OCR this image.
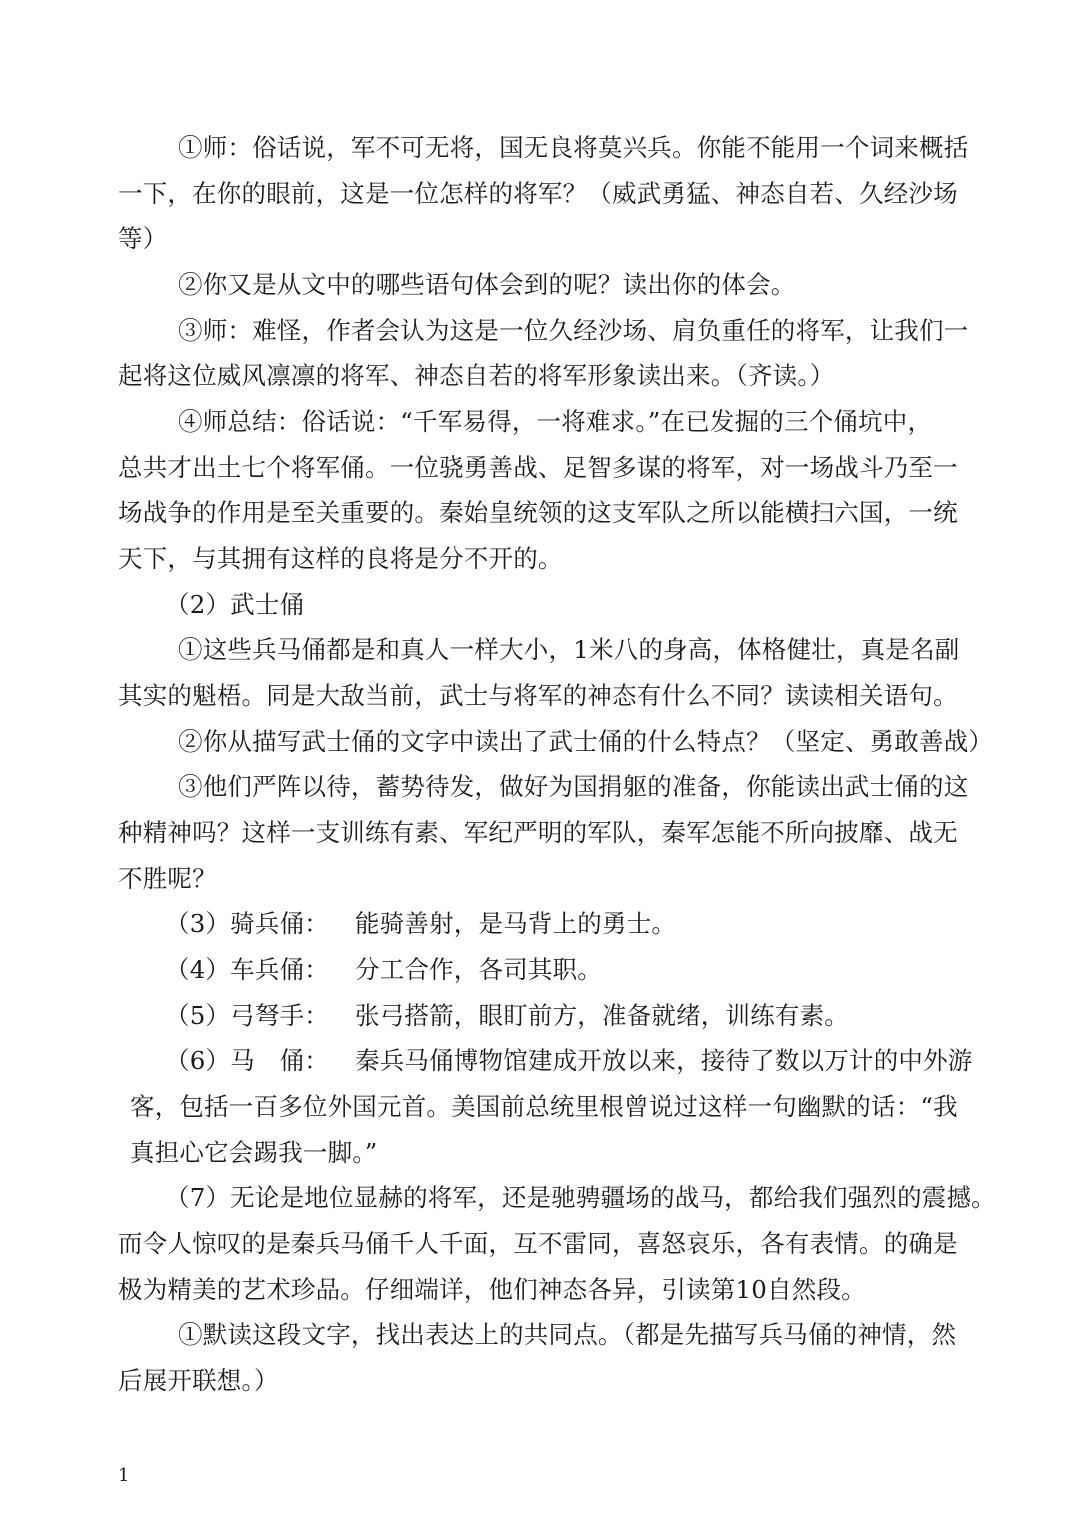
①师：俗话说，军不可无将，国无良将莫兴兵。你能不能用一个词来概括
一下，在你的眼前，这是一位怎样的将军？（威武勇猛、神态自若、久经沙场
等）
②你又是从文中的哪些语句体会到的呢？读出你的体会。
③师：难怪，作者会认为这是一位久经沙场、肩负重任的将军，让我们一
起将这位威风凛凛的将军、神态自若的将军形象读出来。（齐读。）
④师总结：俗话说：“千军易得，一将难求。”在已发掘的三个俑坑中，
总共才出土七个将军俑。一位骁勇善战、足智多谋的将军，对一场战斗乃至一
场战争的作用是至关重要的。秦始皇统领的这支军队之所以能横扫六国，一统
天下，与其拥有这样的良将是分不开的。
（2）武士俑
①这些兵马俑都是和真人一样大小，1米八的身高，体格健壮，真是名副
其实的魁梧。同是大敌当前，武士与将军的神态有什么不同？读读相关语句。
②你从描写武士俑的文字中读出了武士俑的什么特点？（坚定、勇敢善战）
③他们严阵以待，蓄势待发，做好为国捐躯的准备，你能读出武士俑的这
种精神吗？这样一支训练有素、军纪严明的军队，秦军怎能不所向披靡、战无
不胜呢？
（3）骑兵俑： 能骑善射，是马背上的勇士。
（4）车兵俑： 分工合作，各司其职。
（5）弓弩手： 张弓搭箭，眼盯前方，准备就绪，训练有素。
（6）马　俑： 秦兵马俑博物馆建成开放以来，接待了数以万计的中外游
客，包括一百多位外国元首。美国前总统里根曾说过这样一句幽默的话：“我
真担心它会踢我一脚。”
（7）无论是地位显赫的将军，还是驰骋疆场的战马，都给我们强烈的震撼。
而令人惊叹的是秦兵马俑千人千面，互不雷同，喜怒哀乐，各有表情。的确是
极为精美的艺术珍品。仔细端详，他们神态各异，引读第10自然段。
①默读这段文字，找出表达上的共同点。（都是先描写兵马俑的神情，然
后展开联想。）
1
